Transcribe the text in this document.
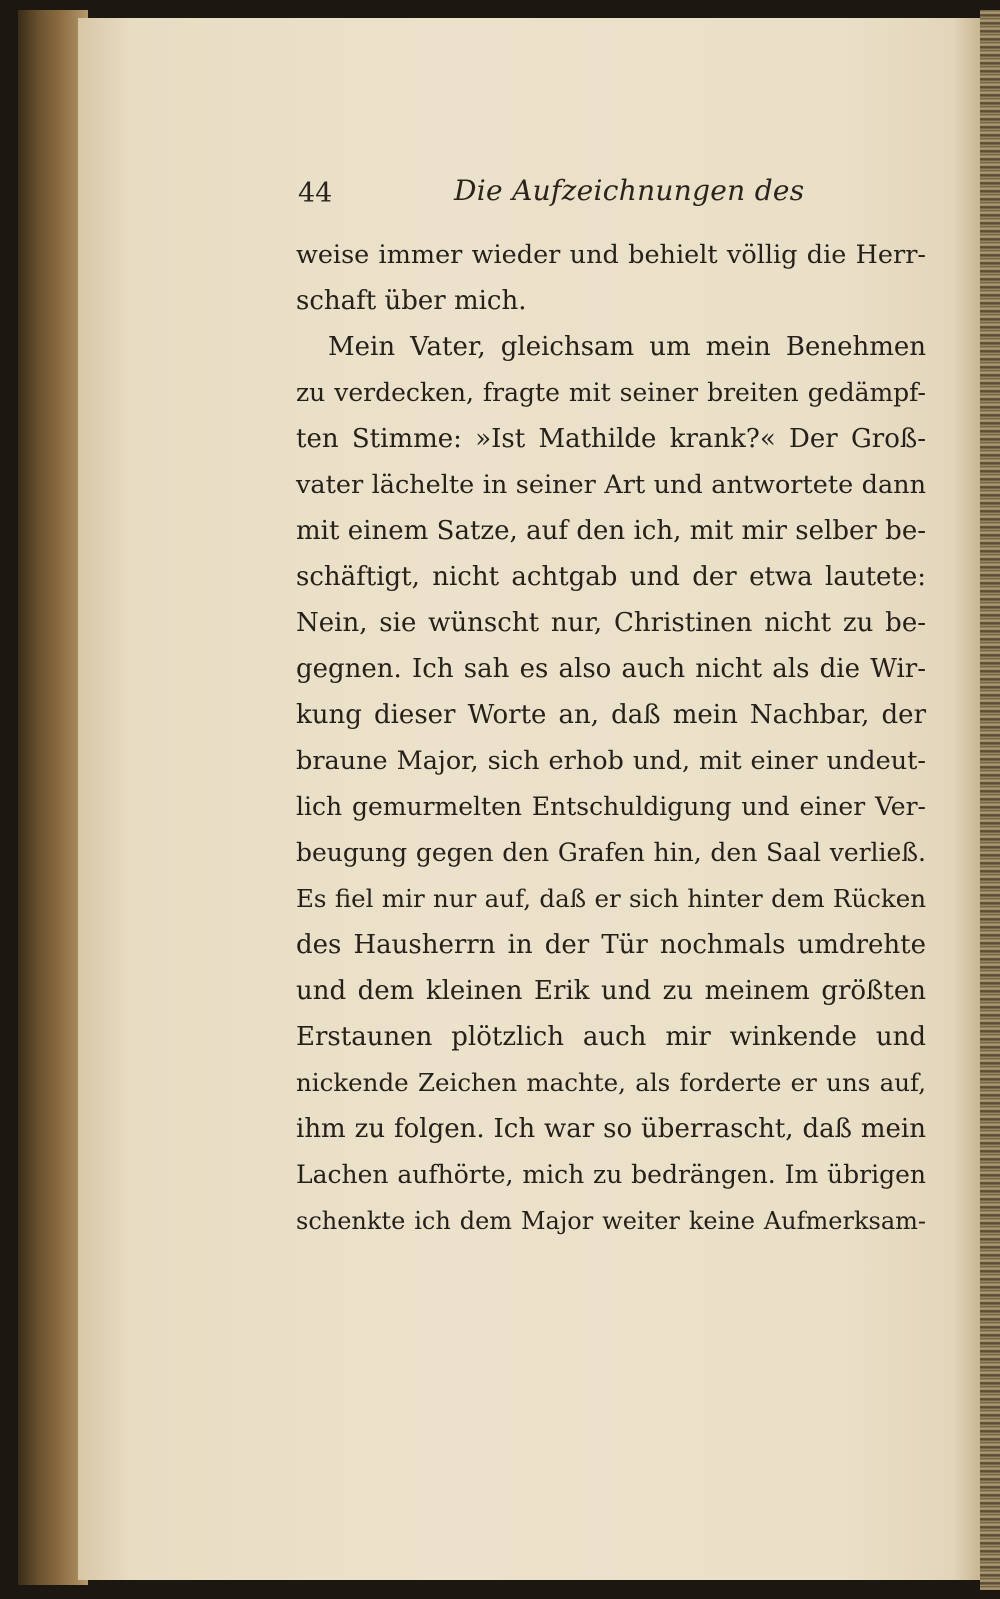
44	Die Aufzeichnungen des
weise immer wieder und behielt völlig die Herr-
schaft über mich.
Mein Vater, gleichsam um mein Benehmen
zu verdecken, fragte mit seiner breiten gedämpf-
ten Stimme: »Ist Mathilde krank?« Der Groß-
vater lächelte in seiner Art und antwortete dann
mit einem Satze, auf den ich, mit mir selber be-
schäftigt, nicht achtgab und der etwa lautete:
Nein, sie wünscht nur, Christinen nicht zu be-
gegnen. Ich sah es also auch nicht als die Wir-
kung dieser Worte an, daß mein Nachbar, der
braune Major, sich erhob und, mit einer undeut-
lich gemurmelten Entschuldigung und einer Ver-
beugung gegen den Grafen hin, den Saal verließ.
Es fiel mir nur auf, daß er sich hinter dem Rücken
des Hausherrn in der Tür nochmals umdrehte
und dem kleinen Erik und zu meinem größten
Erstaunen plötzlich auch mir winkende und
nickende Zeichen machte, als forderte er uns auf,
ihm zu folgen. Ich war so überrascht, daß mein
Lachen aufhörte, mich zu bedrängen. Im übrigen
schenkte ich dem Major weiter keine Aufmerksam-
